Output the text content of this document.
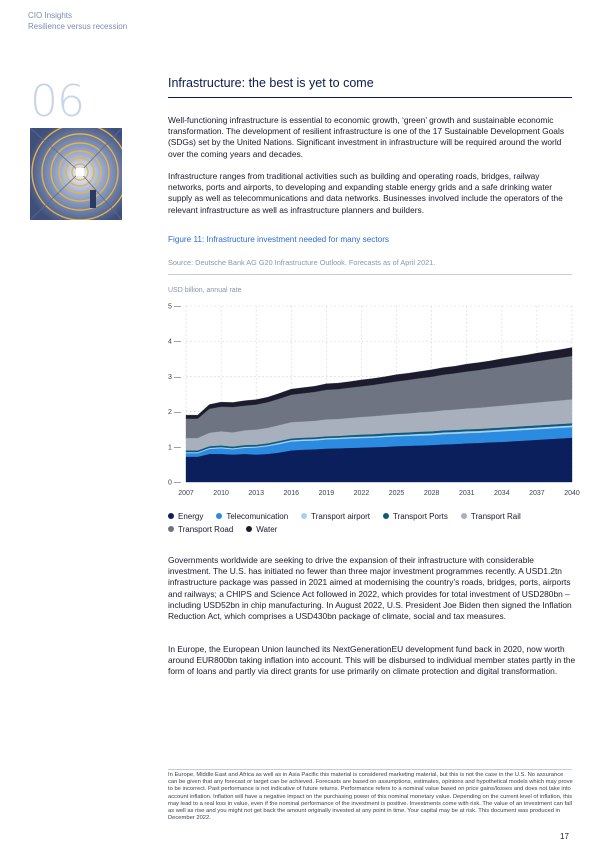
CIO Insights
Resilience versus recession
06	Infrastructure: the best is yet to come

Well-functioning infrastructure is essential to economic growth, ‘green’ growth and sustainable economic transformation. The development of resilient infrastructure is one of the 17 Sustainable Development Goals (SDGs) set by the United Nations. Significant investment in infrastructure will be required around the world over the coming years and decades.

Infrastructure ranges from traditional activities such as building and operating roads, bridges, railway networks, ports and airports, to developing and expanding stable energy grids and a safe drinking water supply as well as telecommunications and data networks. Businesses involved include the operators of the relevant infrastructure as well as infrastructure planners and builders.

Figure 11: Infrastructure investment needed for many sectors
Source: Deutsche Bank AG G20 Infrastructure Outlook. Forecasts as of April 2021.
USD billion, annual rate
0 —
1 —
2 —
3 —
4 —
5 —
2007	2010	2013	2016	2019	2022	2025	2028	2031	2034	2037	2040
Energy	Telecomunication	Transport airport	Transport Ports	Transport RailTransport Road	Water

Governments worldwide are seeking to drive the expansion of their infrastructure with considerable investment. The U.S. has initiated no fewer than three major investment programmes recently. A USD1.2tn infrastructure package was passed in 2021 aimed at modernising the country’s roads, bridges, ports, airports and railways; a CHIPS and Science Act followed in 2022, which provides for total investment of USD280bn – including USD52bn in chip manufacturing. In August 2022, U.S. President Joe Biden then signed the Inflation Reduction Act, which comprises a USD430bn package of climate, social and tax measures.

In Europe, the European Union launched its NextGenerationEU development fund back in 2020, now worth around EUR800bn taking inflation into account. This will be disbursed to individual member states partly in the form of loans and partly via direct grants for use primarily on climate protection and digital transformation.

In Europe, Middle East and Africa as well as in Asia Pacific this material is considered marketing material, but this is not the case in the U.S. No assurance can be given that any forecast or target can be achieved. Forecasts are based on assumptions, estimates, opinions and hypothetical models which may prove to be incorrect. Past performance is not indicative of future returns. Performance refers to a nominal value based on price gains/losses and does not take into account inflation. Inflation will have a negative impact on the purchasing power of this nominal monetary value. Depending on the current level of inflation, this may lead to a real loss in value, even if the nominal performance of the investment is positive. Investments come with risk. The value of an investment can fall as well as rise and you might not get back the amount originally invested at any point in time. Your capital may be at risk. This document was produced in December 2022.

17
